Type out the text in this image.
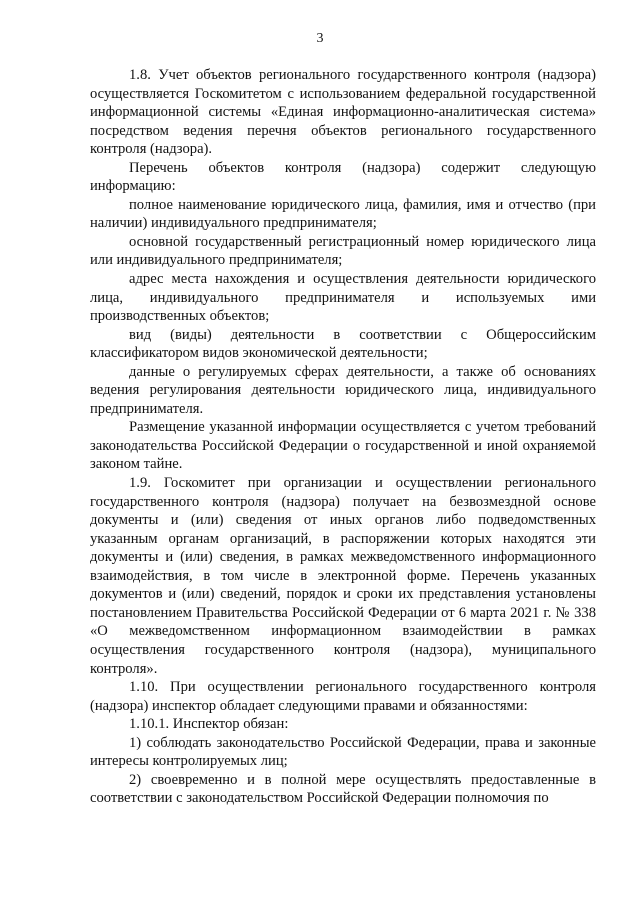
3

1.8. Учет объектов регионального государственного контроля (надзора) осуществляется Госкомитетом с использованием федеральной государственной информационной системы «Единая информационно-аналитическая система» посредством ведения перечня объектов регионального государственного контроля (надзора).

Перечень объектов контроля (надзора) содержит следующую информацию:

полное наименование юридического лица, фамилия, имя и отчество (при наличии) индивидуального предпринимателя;

основной государственный регистрационный номер юридического лица или индивидуального предпринимателя;

адрес места нахождения и осуществления деятельности юридического лица, индивидуального предпринимателя и используемых ими производственных объектов;

вид (виды) деятельности в соответствии с Общероссийским классификатором видов экономической деятельности;

данные о регулируемых сферах деятельности, а также об основаниях ведения регулирования деятельности юридического лица, индивидуального предпринимателя.

Размещение указанной информации осуществляется с учетом требований законодательства Российской Федерации о государственной и иной охраняемой законом тайне.

1.9. Госкомитет при организации и осуществлении регионального государственного контроля (надзора) получает на безвозмездной основе документы и (или) сведения от иных органов либо подведомственных указанным органам организаций, в распоряжении которых находятся эти документы и (или) сведения, в рамках межведомственного информационного взаимодействия, в том числе в электронной форме. Перечень указанных документов и (или) сведений, порядок и сроки их представления установлены постановлением Правительства Российской Федерации от 6 марта 2021 г. № 338 «О межведомственном информационном взаимодействии в рамках осуществления государственного контроля (надзора), муниципального контроля».

1.10. При осуществлении регионального государственного контроля (надзора) инспектор обладает следующими правами и обязанностями:

1.10.1. Инспектор обязан:

1) соблюдать законодательство Российской Федерации, права и законные интересы контролируемых лиц;

2) своевременно и в полной мере осуществлять предоставленные в соответствии с законодательством Российской Федерации полномочия по
